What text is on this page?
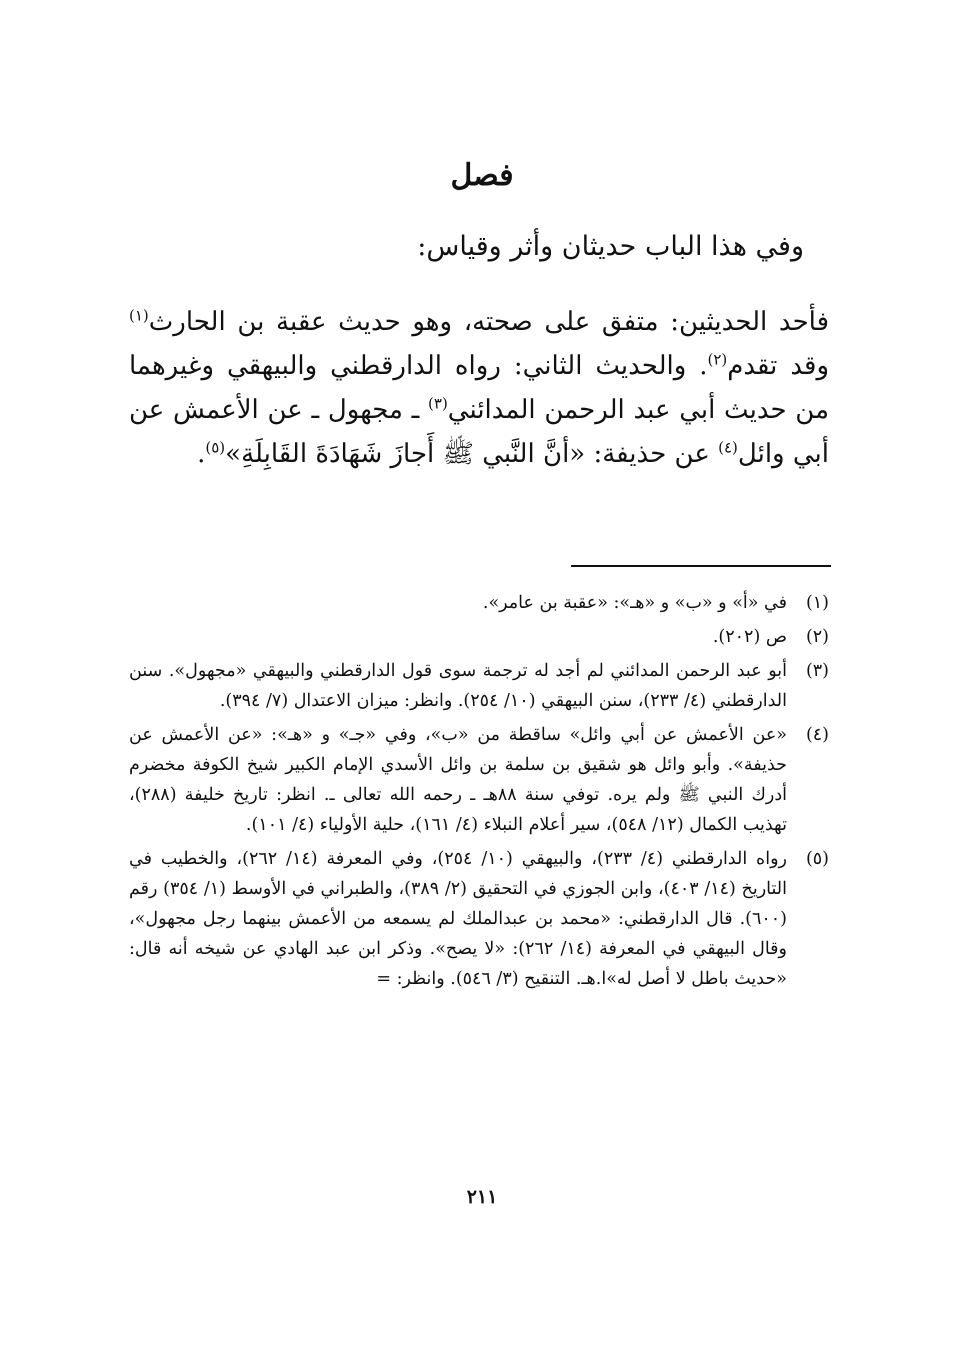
فصل

وفي هذا الباب حديثان وأثر وقياس:

فأحد الحديثين: متفق على صحته، وهو حديث عقبة بن الحارث$^{(١)}$ وقد تقدم$^{(٢)}$. والحديث الثاني: رواه الدارقطني والبيهقي وغيرهما من حديث أبي عبد الرحمن المدائني$^{(٣)}$ ـ مجهول ـ عن الأعمش عن أبي وائل$^{(٤)}$ عن حذيفة: «أنَّ النَّبي ﷺ أَجازَ شَهَادَةَ القَابِلَةِ»$^{(٥)}$.

(١)
في «أ» و «ب» و «هـ»: «عقبة بن عامر».
(٢)
ص (٢٠٢).
(٣)
أبو عبد الرحمن المدائني لم أجد له ترجمة سوى قول الدارقطني والبيهقي «مجهول». سنن الدارقطني (٤/ ٢٣٣)، سنن البيهقي (١٠/ ٢٥٤). وانظر: ميزان الاعتدال (٧/ ٣٩٤).
(٤)
«عن الأعمش عن أبي وائل» ساقطة من «ب»، وفي «جـ» و «هـ»: «عن الأعمش عن حذيفة». وأبو وائل هو شقيق بن سلمة بن وائل الأسدي الإمام الكبير شيخ الكوفة مخضرم أدرك النبي ﷺ ولم يره. توفي سنة ٨٨هـ ـ رحمه الله تعالى ـ. انظر: تاريخ خليفة (٢٨٨)، تهذيب الكمال (١٢/ ٥٤٨)، سير أعلام النبلاء (٤/ ١٦١)، حلية الأولياء (٤/ ١٠١).
(٥)
رواه الدارقطني (٤/ ٢٣٣)، والبيهقي (١٠/ ٢٥٤)، وفي المعرفة (١٤/ ٢٦٢)، والخطيب في التاريخ (١٤/ ٤٠٣)، وابن الجوزي في التحقيق (٢/ ٣٨٩)، والطبراني في الأوسط (١/ ٣٥٤) رقم (٦٠٠). قال الدارقطني: «محمد بن عبدالملك لم يسمعه من الأعمش بينهما رجل مجهول»، وقال البيهقي في المعرفة (١٤/ ٢٦٢): «لا يصح». وذكر ابن عبد الهادي عن شيخه أنه قال: «حديث باطل لا أصل له»ا.هـ. التنقيح (٣/ ٥٤٦). وانظر: =
٢١١
